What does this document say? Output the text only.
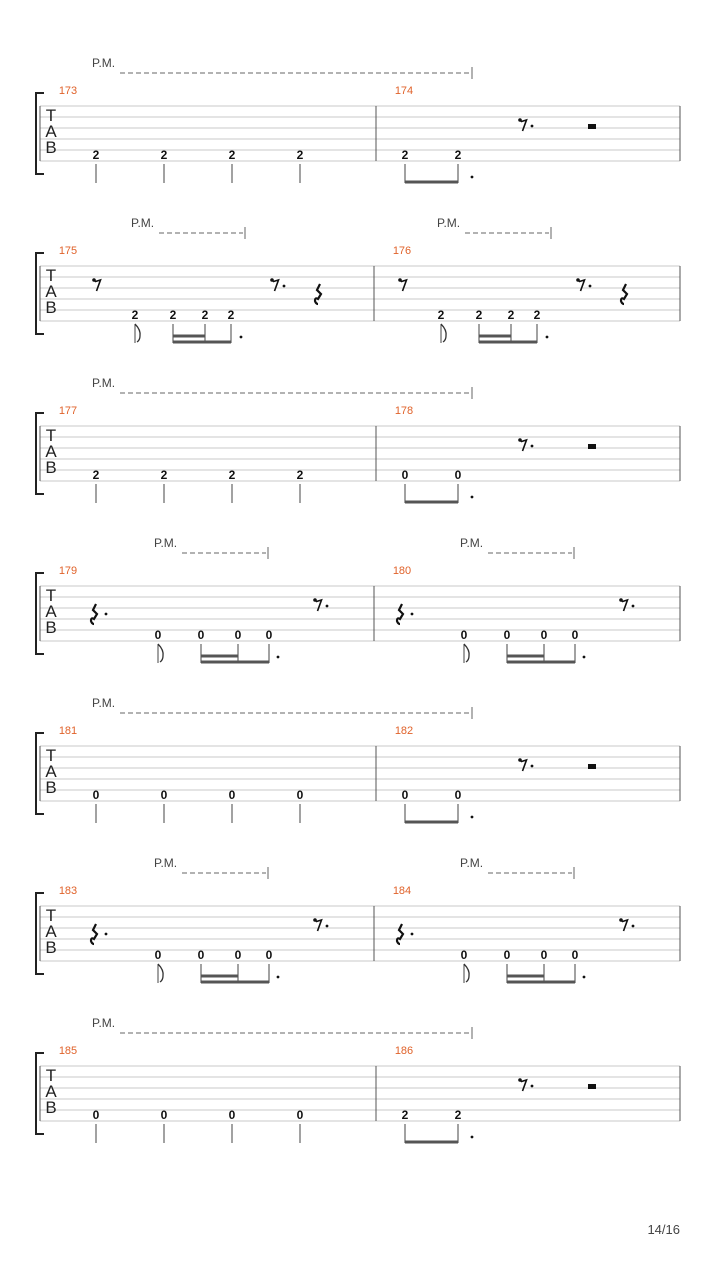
P.M.
T
A
B
173
2	2	2	2
174
2	2
P.M.	P.M.
T
A
B
175
2	2 2 2
176
2	2 2 2
P.M.
T
A
B
177
2	2	2	2
178
0	0
P.M.	P.M.
T
A
B
179
0	0	0 0
180
0	0	0 0
P.M.
T
A
B
181
0	0	0	0
182
0	0
P.M.	P.M.
T
A
B
183
0	0	0 0
184
0	0	0 0
P.M.
T
A
B
185
0	0	0	0
186
2	2
14/16
